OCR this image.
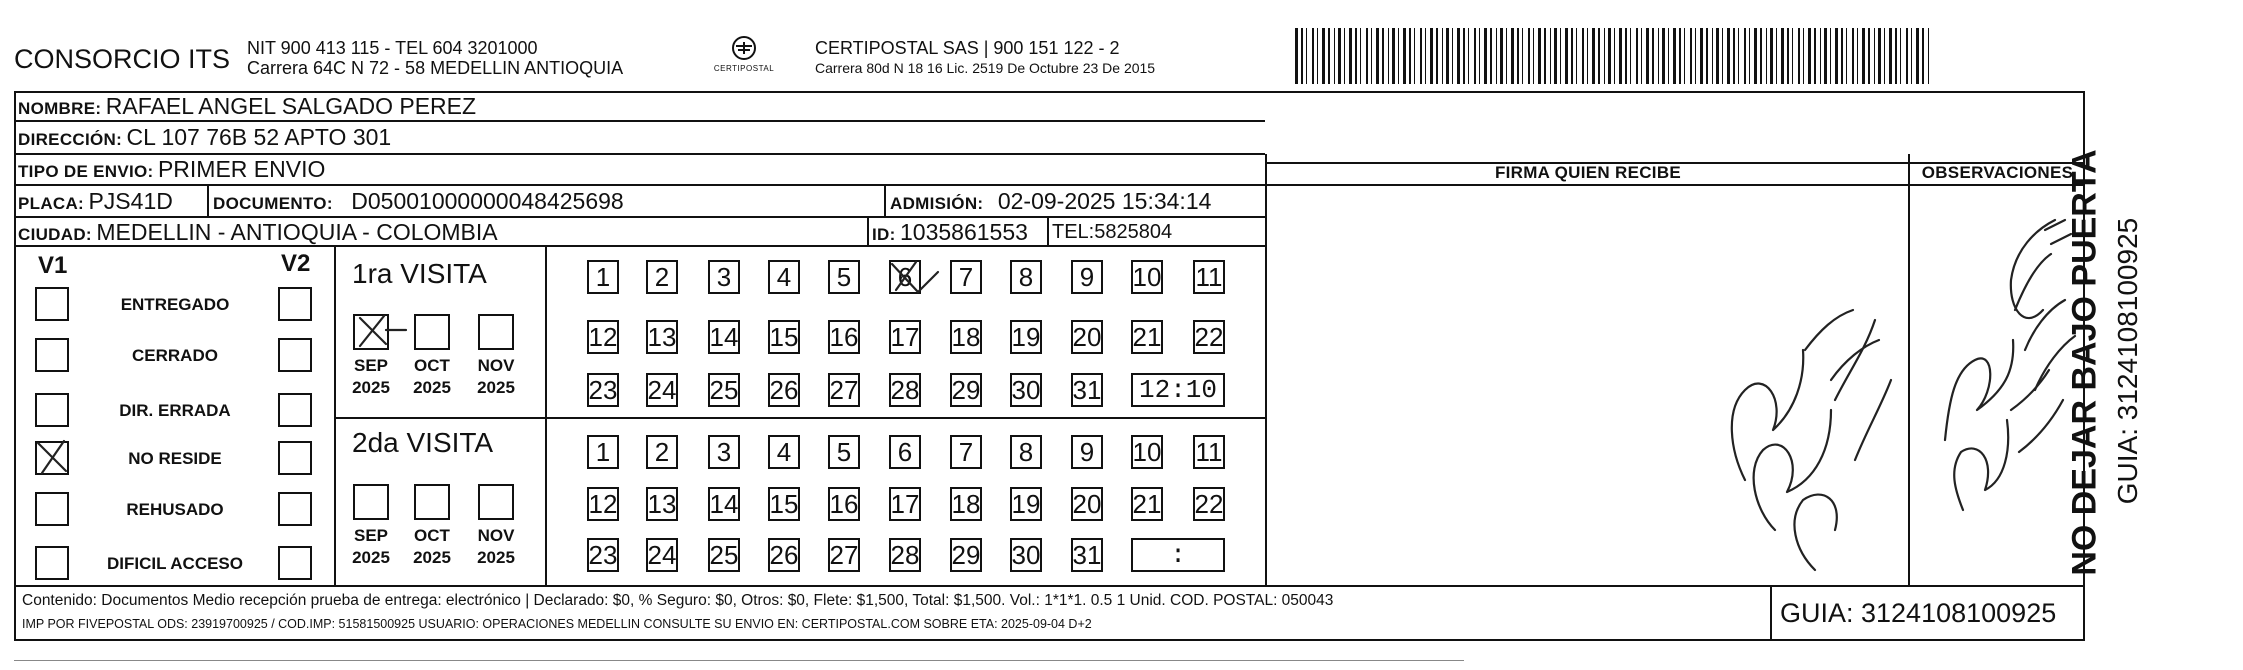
CONSORCIO ITS NIT 900 413 115 - TEL 604 3201000
Carrera 64C N 72 - 58 MEDELLIN ANTIOQUIA	CERTIPOSTAL
CERTIPOSTAL SAS | 900 151 122 - 2
Carrera 80d N 18 16 Lic. 2519 De Octubre 23 De 2015
NOMBRE: RAFAEL ANGEL SALGADO PEREZ
DIRECCIÓN: CL 107 76B 52 APTO 301
TIPO DE ENVIO: PRIMER ENVIO	FIRMA QUIEN RECIBE	OBSERVACIONES
PLACA: PJS41D DOCUMENTO: D05001000000048425698	ADMISIÓN: 02-09-2025 15:34:14
CIUDAD: MEDELLIN - ANTIOQUIA - COLOMBIA	ID: 1035861553 TEL:5825804
V1	V2
ENTREGADO
CERRADO
DIR. ERRADA
NO RESIDE
REHUSADO
DIFICIL ACCESO
1ra VISITA
SEP
2025
OCT
2025
NOV
2025
1	2	3	4	5	6	7	8	9	10 11
12 13 14 15 16 17 18 19 20 21 22
23 24 25 26 27 28 29 30 31	12:10
2da VISITA
SEP
2025
OCT
2025
NOV
2025
1	2	3	4	5	6	7	8	9	10 11
12 13 14 15 16 17 18 19 20 21 22
23 24 25 26 27 28 29 30 31	:
Contenido: Documentos Medio recepción prueba de entrega: electrónico | Declarado: $0, % Seguro: $0, Otros: $0, Flete: $1,500, Total: $1,500. Vol.: 1*1*1. 0.5 1 Unid. COD. POSTAL: 050043
IMP POR FIVEPOSTAL ODS: 23919700925 / COD.IMP: 51581500925 USUARIO: OPERACIONES MEDELLIN CONSULTE SU ENVIO EN: CERTIPOSTAL.COM SOBRE ETA: 2025-09-04 D+2	GUIA: 3124108100925
NO DEJAR BAJO PUERTA GUIA: 3124108100925
